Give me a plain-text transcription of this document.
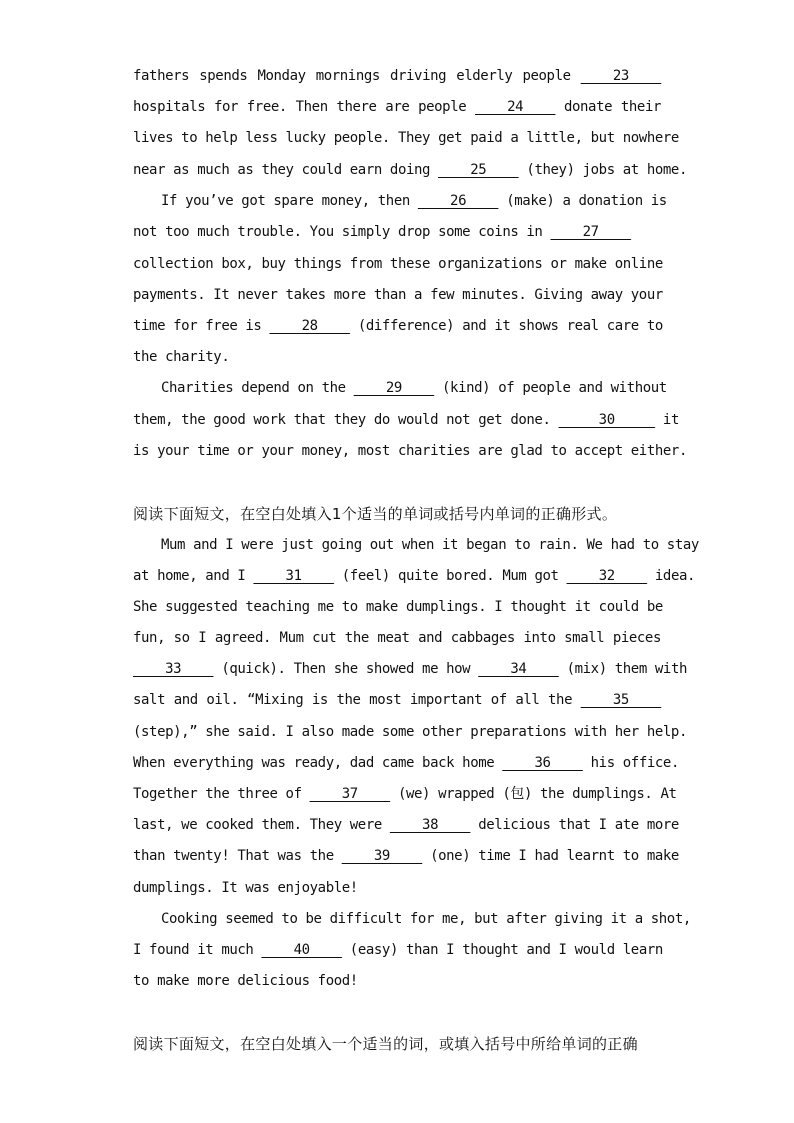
fathers spends Monday mornings driving elderly people ____23____
hospitals for free. Then there are people ____24____ donate their
lives to help less lucky people. They get paid a little, but nowhere
near as much as they could earn doing ____25____ (they) jobs at home.
If you’ve got spare money, then ____26____ (make) a donation is
not too much trouble. You simply drop some coins in ____27____
collection box, buy things from these organizations or make online
payments. It never takes more than a few minutes. Giving away your
time for free is ____28____ (difference) and it shows real care to
the charity.
Charities depend on the ____29____ (kind) of people and without
them, the good work that they do would not get done. _____30_____ it
is your time or your money, most charities are glad to accept either.
阅读下面短文，在空白处填入1个适当的单词或括号内单词的正确形式。
Mum and I were just going out when it began to rain. We had to stay
at home, and I ____31____ (feel) quite bored. Mum got ____32____ idea.
She suggested teaching me to make dumplings. I thought it could be
fun, so I agreed. Mum cut the meat and cabbages into small pieces
____33____ (quick). Then she showed me how ____34____ (mix) them with
salt and oil. “Mixing is the most important of all the ____35____
(step),” she said. I also made some other preparations with her help.
When everything was ready, dad came back home ____36____ his office.
Together the three of ____37____ (we) wrapped (包) the dumplings. At
last, we cooked them. They were ____38____ delicious that I ate more
than twenty! That was the ____39____ (one) time I had learnt to make
dumplings. It was enjoyable!
Cooking seemed to be difficult for me, but after giving it a shot,
I found it much ____40____ (easy) than I thought and I would learn
to make more delicious food!
阅读下面短文，在空白处填入一个适当的词，或填入括号中所给单词的正确
